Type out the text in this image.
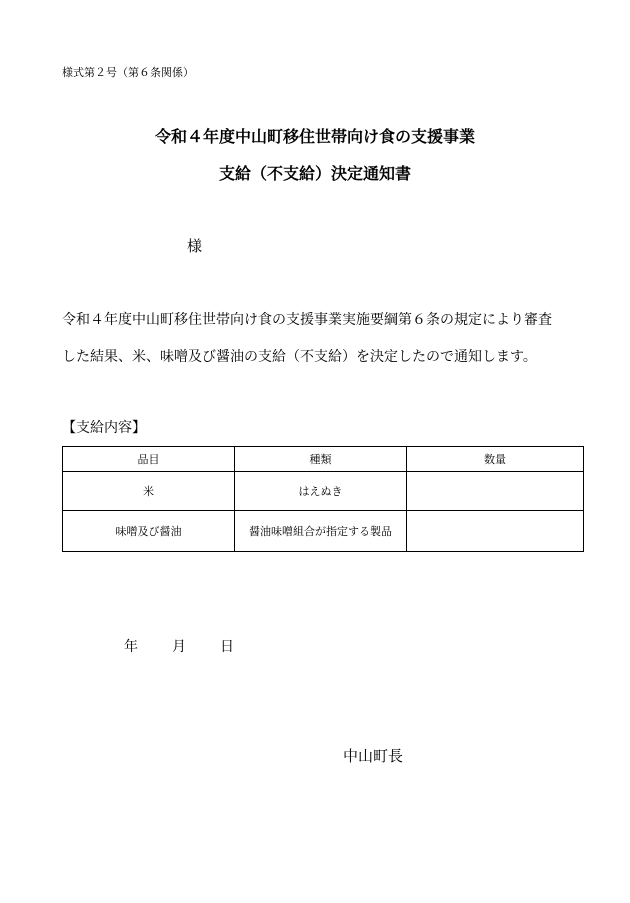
様式第２号（第６条関係）
令和４年度中山町移住世帯向け食の支援事業
支給（不支給）決定通知書
様
令和４年度中山町移住世帯向け食の支援事業実施要綱第６条の規定により審査
した結果、米、味噌及び醤油の支給（不支給）を決定したので通知します。
【支給内容】
品目	種類	数量
米	はえぬき	
味噌及び醤油	醤油味噌組合が指定する製品	
年 月 日
中山町長
